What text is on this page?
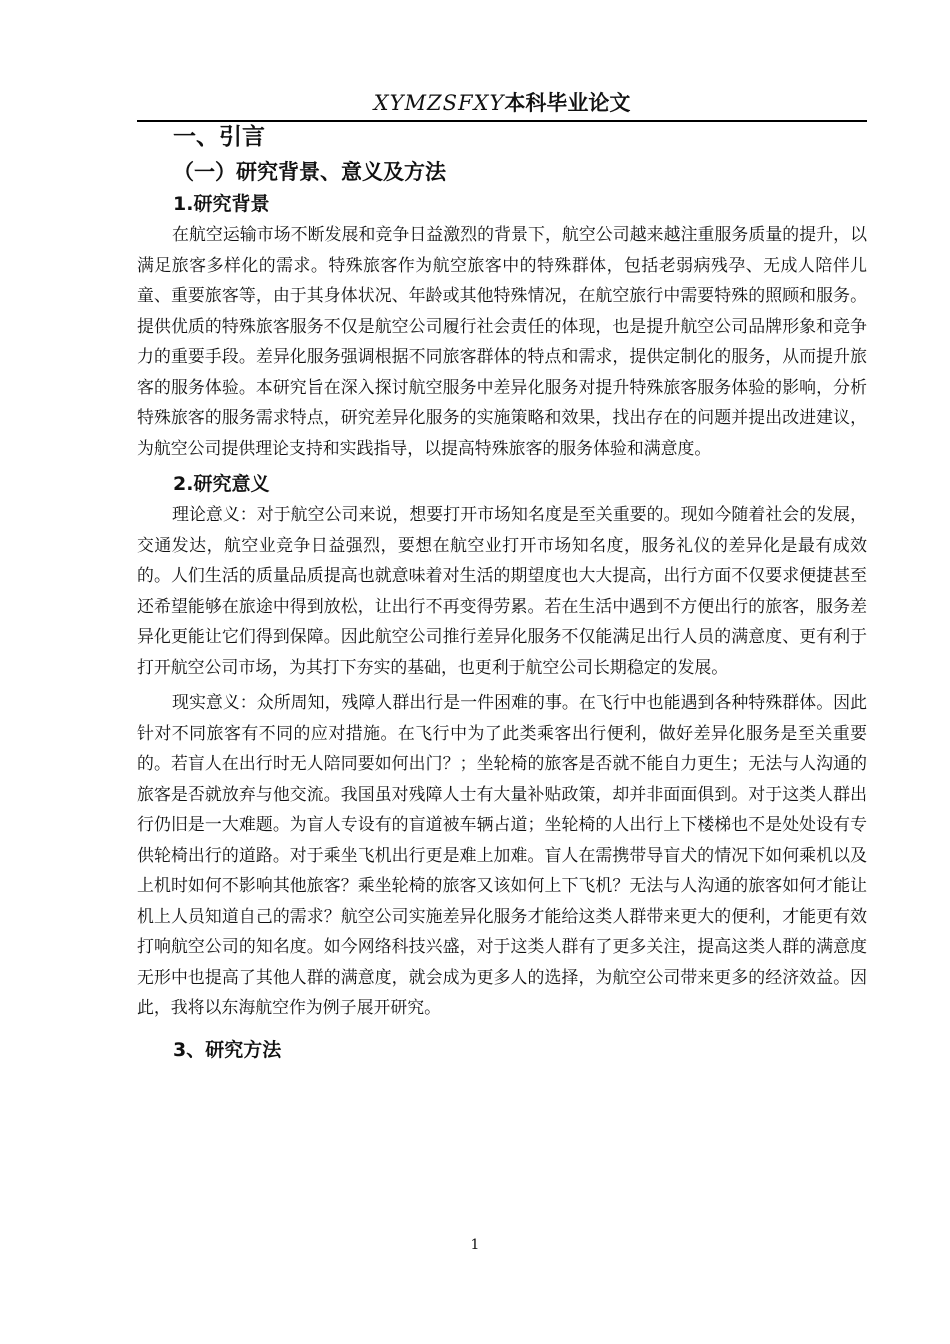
XYMZSFXY本科毕业论文
一、引言
（一）研究背景、意义及方法
1.研究背景

在航空运输市场不断发展和竞争日益激烈的背景下，航空公司越来越注重服务质量的提升，以满足旅客多样化的需求。特殊旅客作为航空旅客中的特殊群体，包括老弱病残孕、无成人陪伴儿童、重要旅客等，由于其身体状况、年龄或其他特殊情况，在航空旅行中需要特殊的照顾和服务。提供优质的特殊旅客服务不仅是航空公司履行社会责任的体现，也是提升航空公司品牌形象和竞争力的重要手段。差异化服务强调根据不同旅客群体的特点和需求，提供定制化的服务，从而提升旅客的服务体验。本研究旨在深入探讨航空服务中差异化服务对提升特殊旅客服务体验的影响，分析特殊旅客的服务需求特点，研究差异化服务的实施策略和效果，找出存在的问题并提出改进建议，为航空公司提供理论支持和实践指导，以提高特殊旅客的服务体验和满意度。

2.研究意义

理论意义：对于航空公司来说，想要打开市场知名度是至关重要的。现如今随着社会的发展，交通发达，航空业竞争日益强烈，要想在航空业打开市场知名度，服务礼仪的差异化是最有成效的。人们生活的质量品质提高也就意味着对生活的期望度也大大提高，出行方面不仅要求便捷甚至还希望能够在旅途中得到放松，让出行不再变得劳累。若在生活中遇到不方便出行的旅客，服务差异化更能让它们得到保障。因此航空公司推行差异化服务不仅能满足出行人员的满意度、更有利于打开航空公司市场，为其打下夯实的基础，也更利于航空公司长期稳定的发展。

现实意义：众所周知，残障人群出行是一件困难的事。在飞行中也能遇到各种特殊群体。因此针对不同旅客有不同的应对措施。在飞行中为了此类乘客出行便利，做好差异化服务是至关重要的。若盲人在出行时无人陪同要如何出门？；坐轮椅的旅客是否就不能自力更生；无法与人沟通的旅客是否就放弃与他交流。我国虽对残障人士有大量补贴政策，却并非面面俱到。对于这类人群出行仍旧是一大难题。为盲人专设有的盲道被车辆占道；坐轮椅的人出行上下楼梯也不是处处设有专供轮椅出行的道路。对于乘坐飞机出行更是难上加难。盲人在需携带导盲犬的情况下如何乘机以及上机时如何不影响其他旅客？乘坐轮椅的旅客又该如何上下飞机？无法与人沟通的旅客如何才能让机上人员知道自己的需求？航空公司实施差异化服务才能给这类人群带来更大的便利，才能更有效打响航空公司的知名度。如今网络科技兴盛，对于这类人群有了更多关注，提高这类人群的满意度无形中也提高了其他人群的满意度，就会成为更多人的选择，为航空公司带来更多的经济效益。因此，我将以东海航空作为例子展开研究。

3、研究方法
1
